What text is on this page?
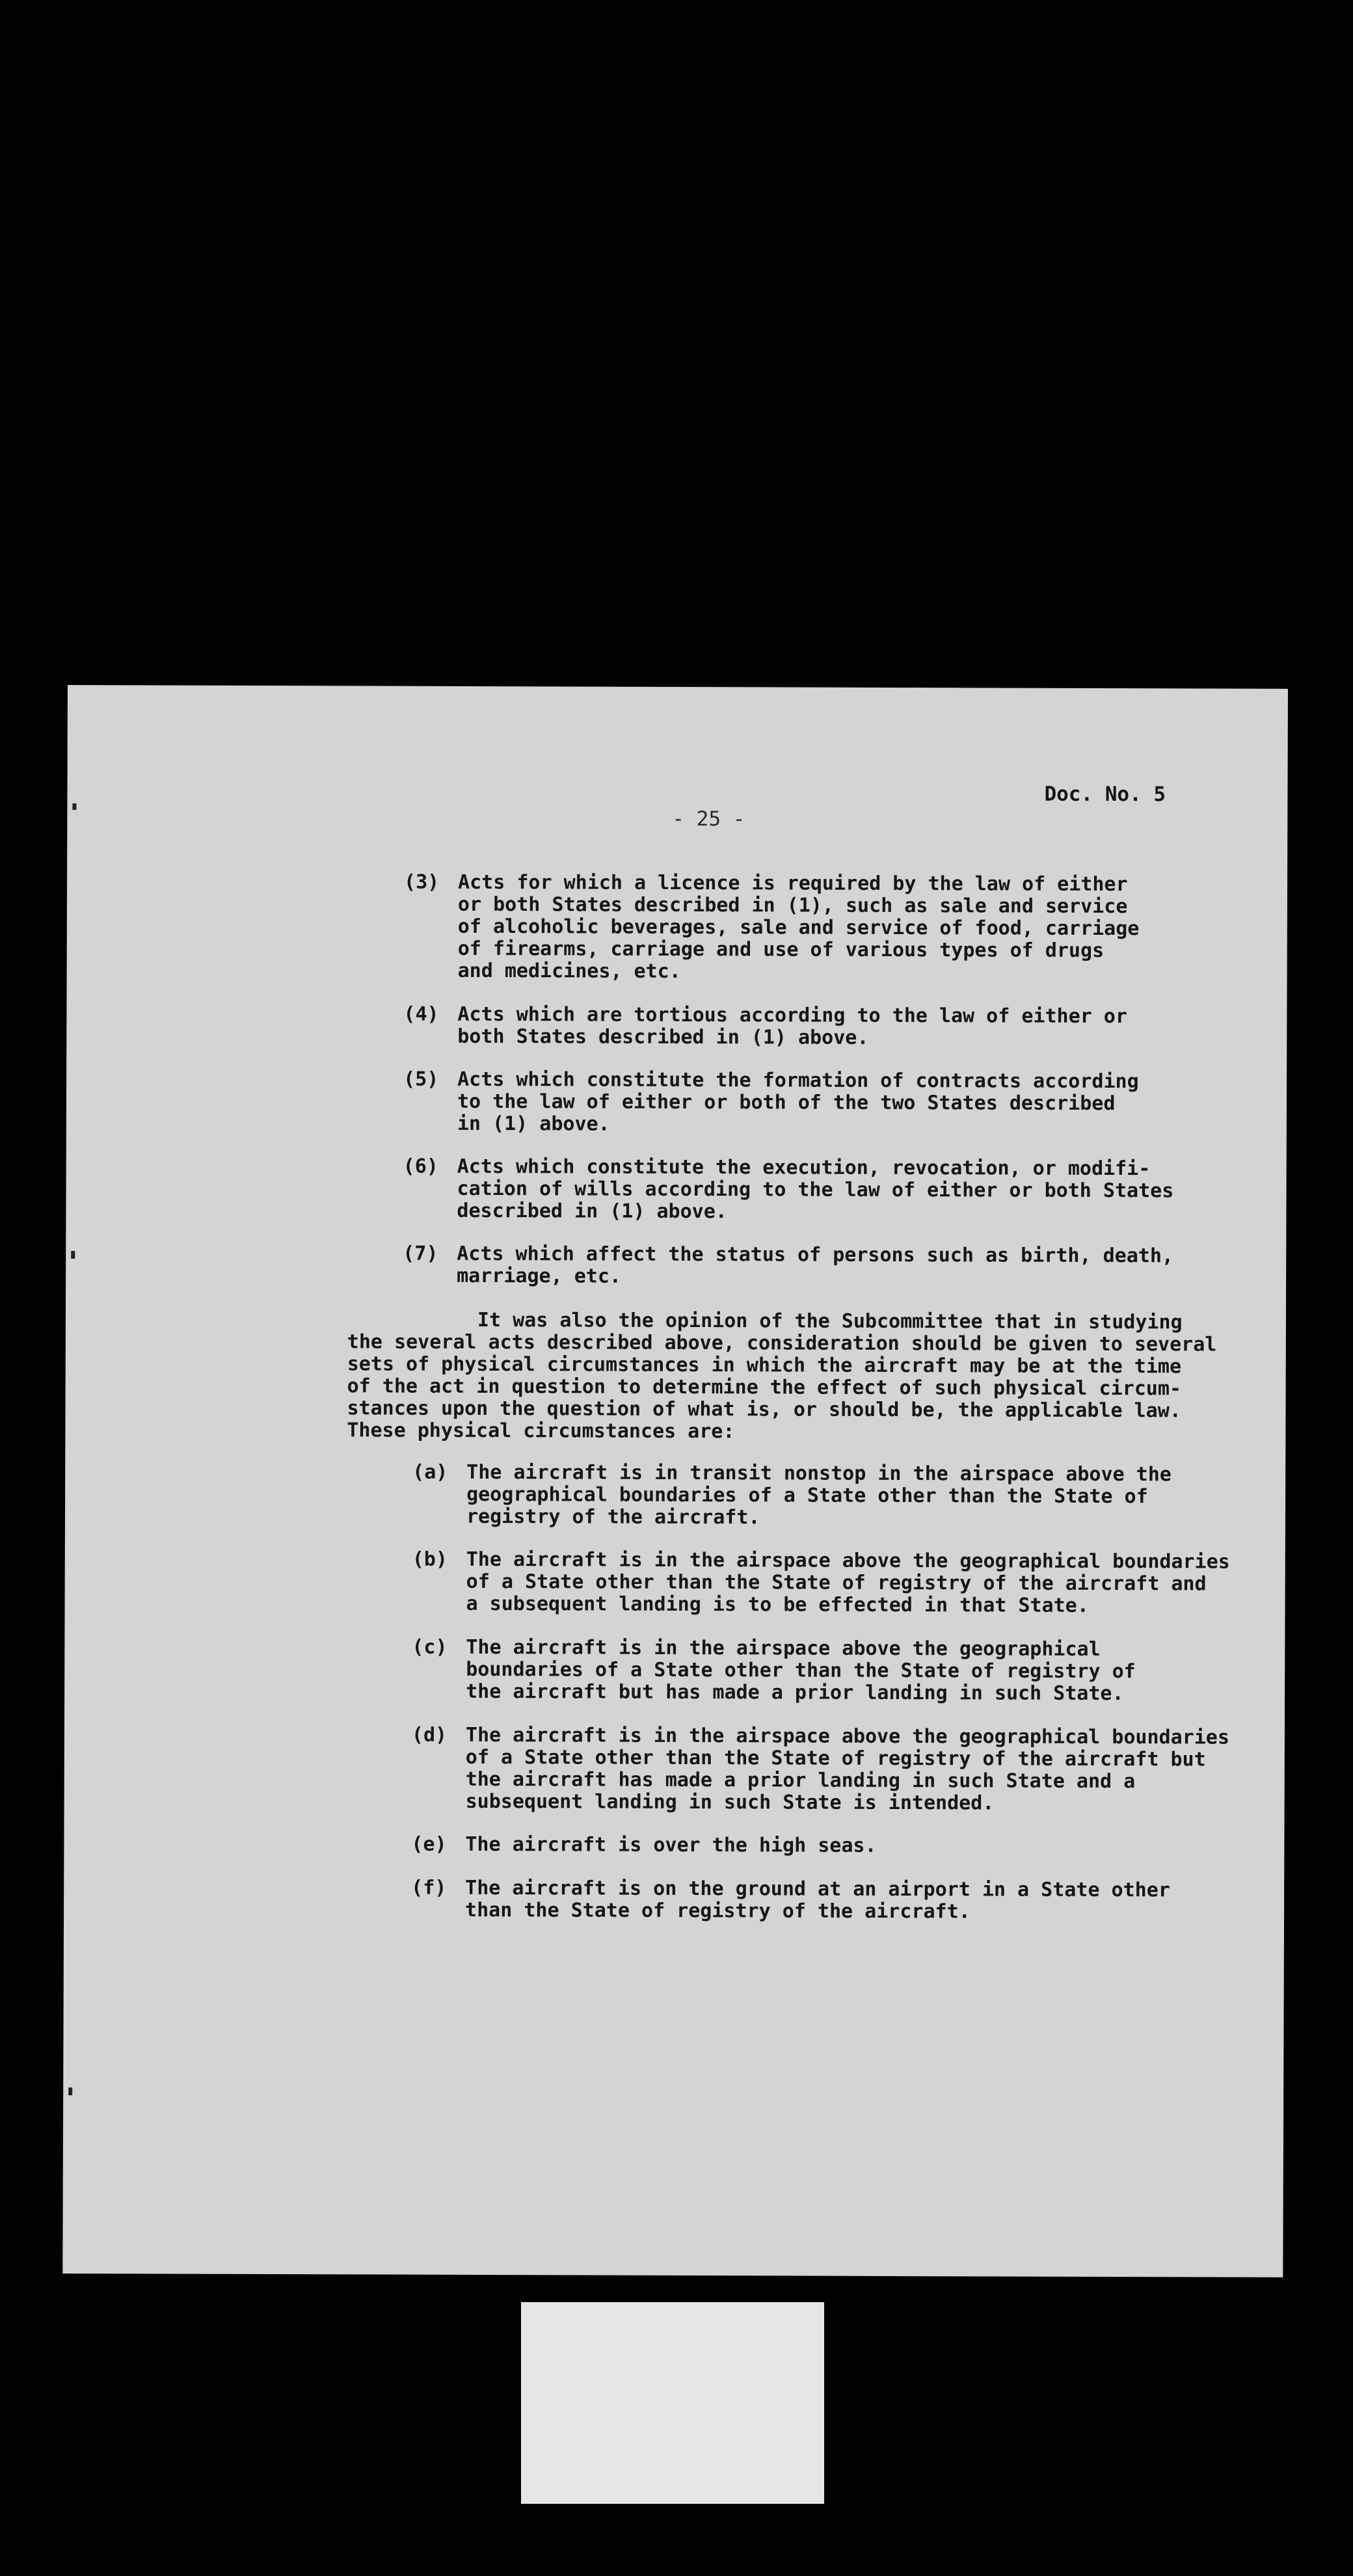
Doc. No. 5
- 25 -
(3) Acts for which a licence is required by the law of either
or both States described in (1), such as sale and service
of alcoholic beverages, sale and service of food, carriage
of firearms, carriage and use of various types of drugs
and medicines, etc.
(4) Acts which are tortious according to the law of either or
both States described in (1) above.
(5) Acts which constitute the formation of contracts according
to the law of either or both of the two States described
in (1) above.
(6) Acts which constitute the execution, revocation, or modifi-
cation of wills according to the law of either or both States
described in (1) above.
(7) Acts which affect the status of persons such as birth, death,
marriage, etc.
It was also the opinion of the Subcommittee that in studying
the several acts described above, consideration should be given to several
sets of physical circumstances in which the aircraft may be at the time
of the act in question to determine the effect of such physical circum-
stances upon the question of what is, or should be, the applicable law.
These physical circumstances are:
(a) The aircraft is in transit nonstop in the airspace above the
geographical boundaries of a State other than the State of
registry of the aircraft.
(b) The aircraft is in the airspace above the geographical boundaries
of a State other than the State of registry of the aircraft and
a subsequent landing is to be effected in that State.
(c) The aircraft is in the airspace above the geographical
boundaries of a State other than the State of registry of
the aircraft but has made a prior landing in such State.
(d) The aircraft is in the airspace above the geographical boundaries
of a State other than the State of registry of the aircraft but
the aircraft has made a prior landing in such State and a
subsequent landing in such State is intended.
(e) The aircraft is over the high seas.
(f) The aircraft is on the ground at an airport in a State other
than the State of registry of the aircraft.
